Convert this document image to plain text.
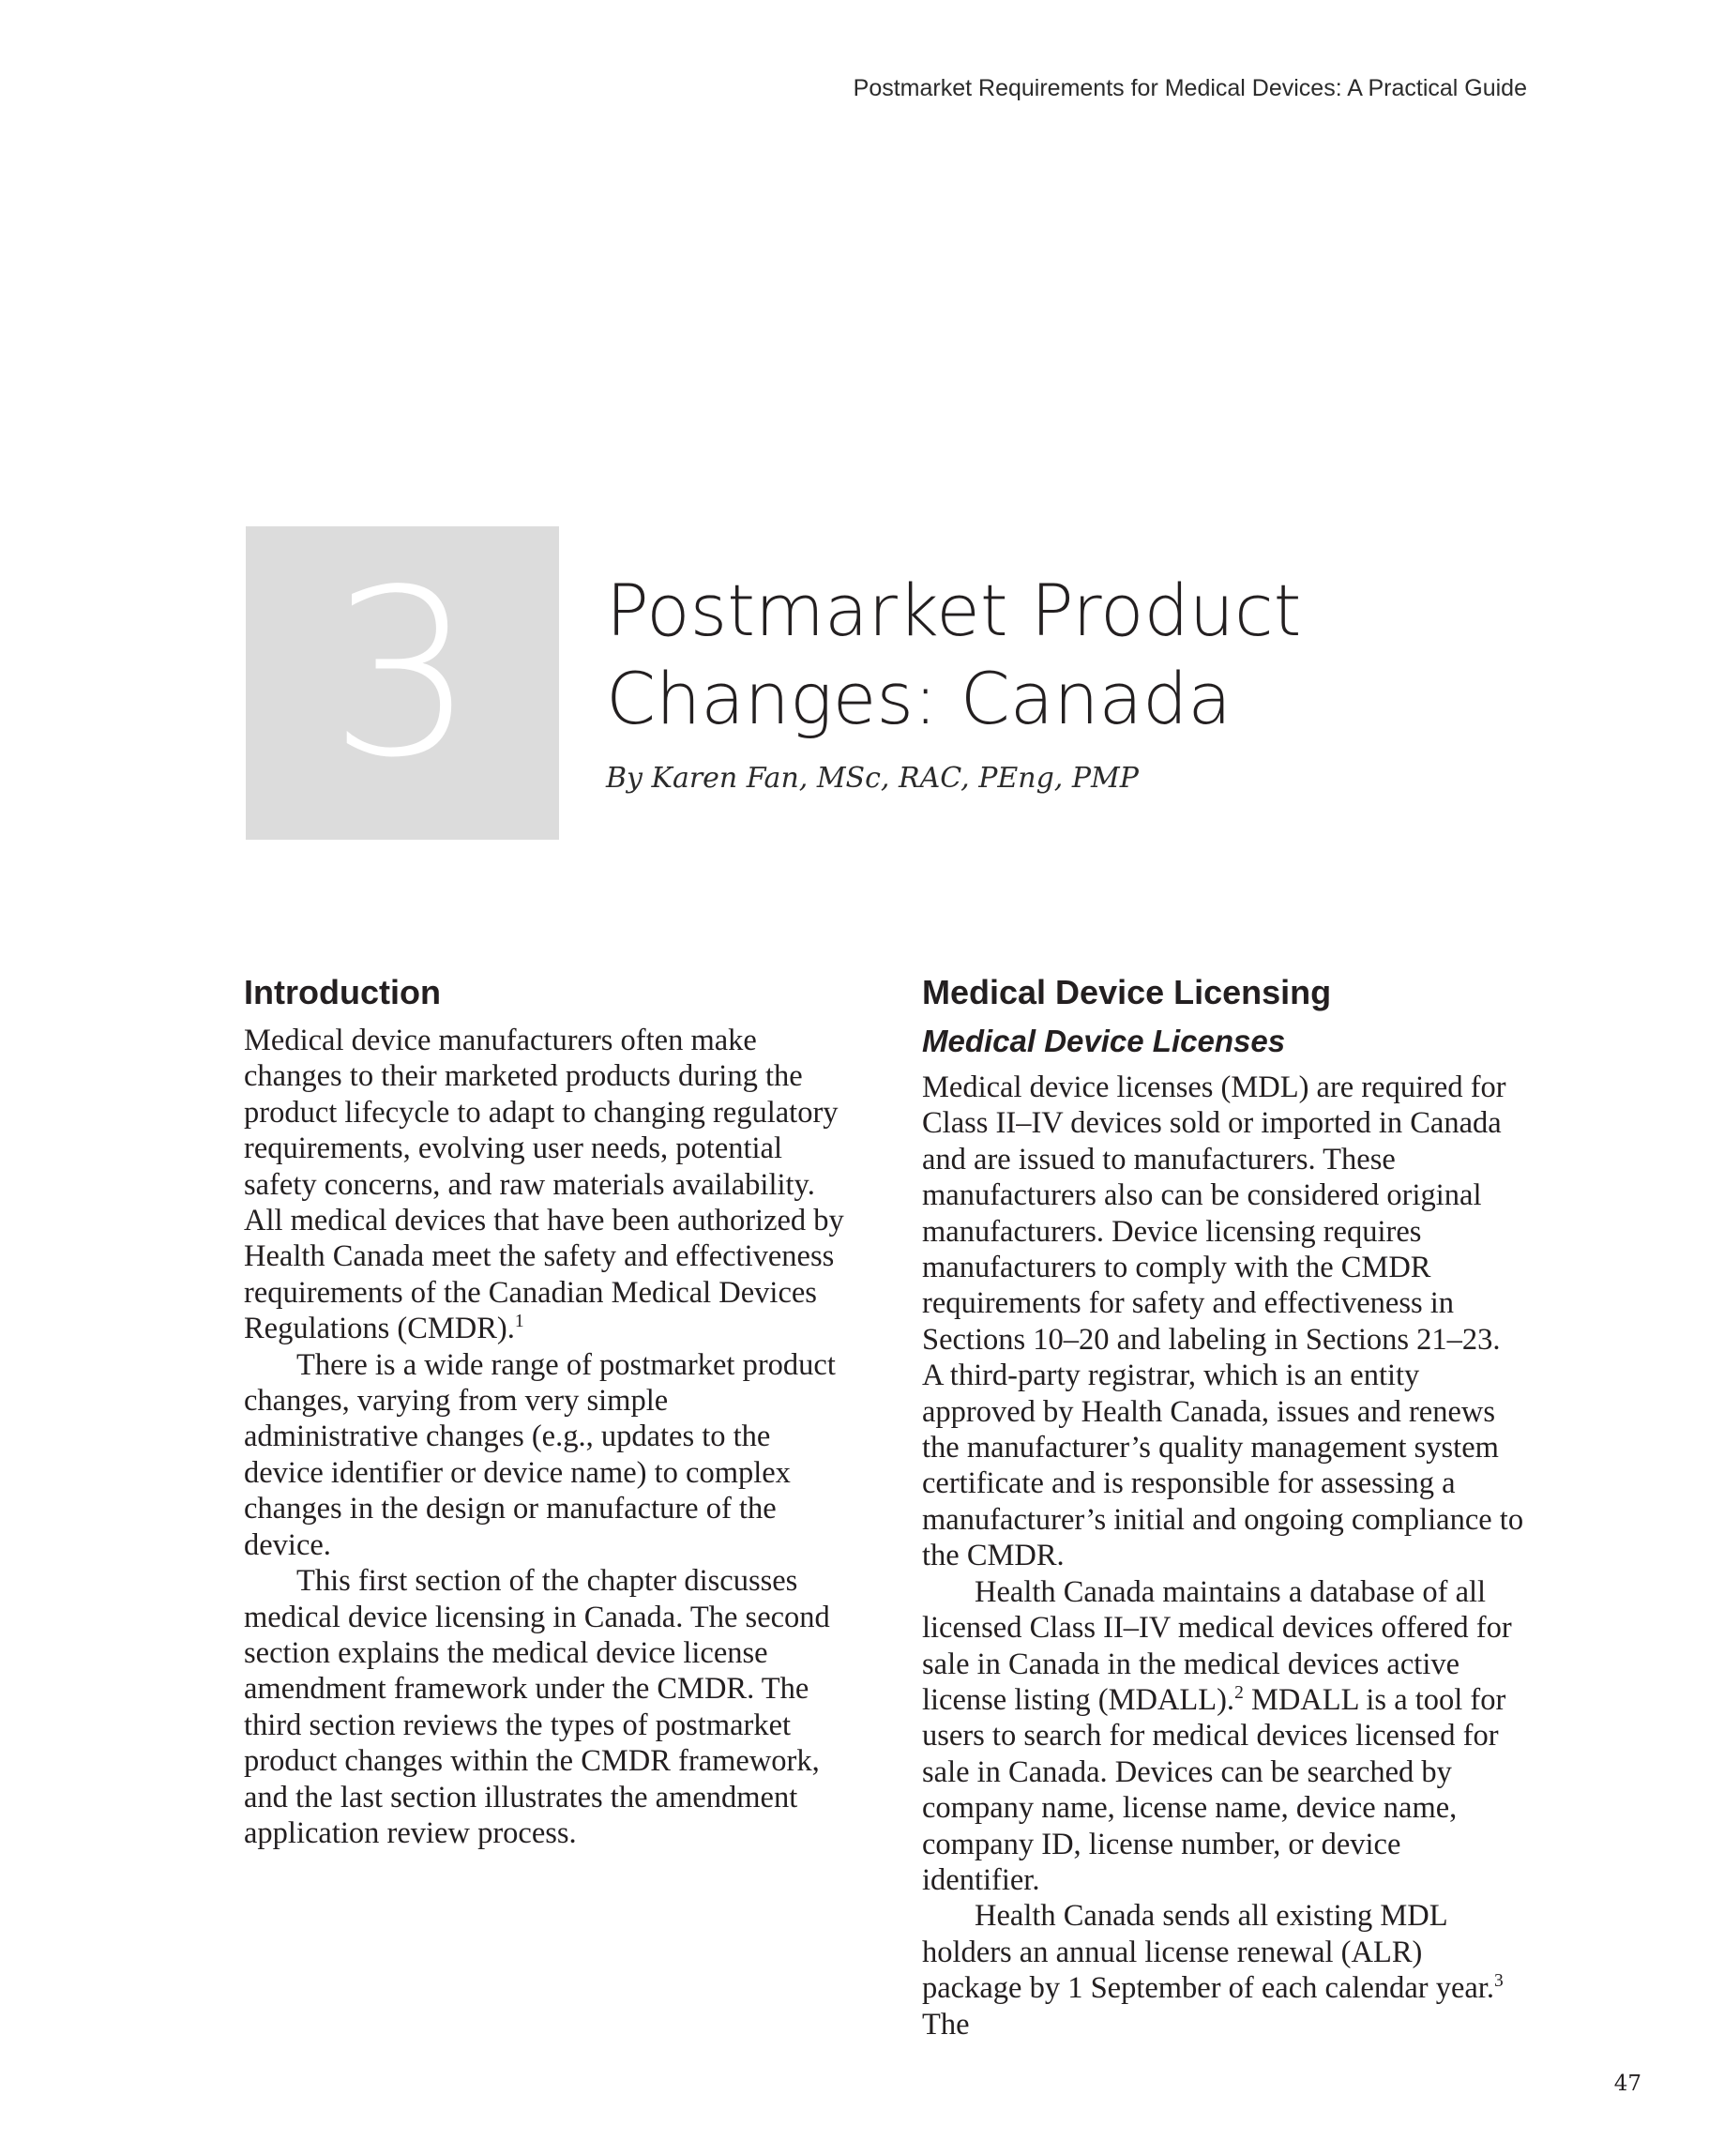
Postmarket Requirements for Medical Devices: A Practical Guide
3	Postmarket Product
Changes: Canada

By Karen Fan, MSc, RAC, PEng, PMP

Introduction

Medical device manufacturers often make changes to their marketed products during the product lifecycle to adapt to changing regulatory requirements, evolving user needs, potential safety concerns, and raw materials availability. All medical devices that have been authorized by Health Canada meet the safety and effectiveness requirements of the Canadian Medical Devices Regulations (CMDR).$^1$

There is a wide range of postmarket product changes, varying from very simple administrative changes (e.g., updates to the device identifier or device name) to complex changes in the design or manufacture of the device.

This first section of the chapter discusses medical device licensing in Canada. The second section explains the medical device license amendment framework under the CMDR. The third section reviews the types of postmarket product changes within the CMDR framework, and the last section illustrates the amendment application review process.

Medical Device Licensing
Medical Device Licenses

Medical device licenses (MDL) are required for Class II–IV devices sold or imported in Canada and are issued to manufacturers. These manufacturers also can be considered original manufacturers. Device licensing requires manufacturers to comply with the CMDR requirements for safety and effectiveness in Sections 10–20 and labeling in Sections 21–23. A third-party registrar, which is an entity approved by Health Canada, issues and renews the manufacturer’s quality management system certificate and is responsible for assessing a manufacturer’s initial and ongoing compliance to the CMDR.

Health Canada maintains a database of all licensed Class II–IV medical devices offered for sale in Canada in the medical devices active license listing (MDALL).$^2$ MDALL is a tool for users to search for medical devices licensed for sale in Canada. Devices can be searched by company name, license name, device name, company ID, license number, or device identifier.

Health Canada sends all existing MDL holders an annual license renewal (ALR) package by 1 September of each calendar year.$^3$ The

47
